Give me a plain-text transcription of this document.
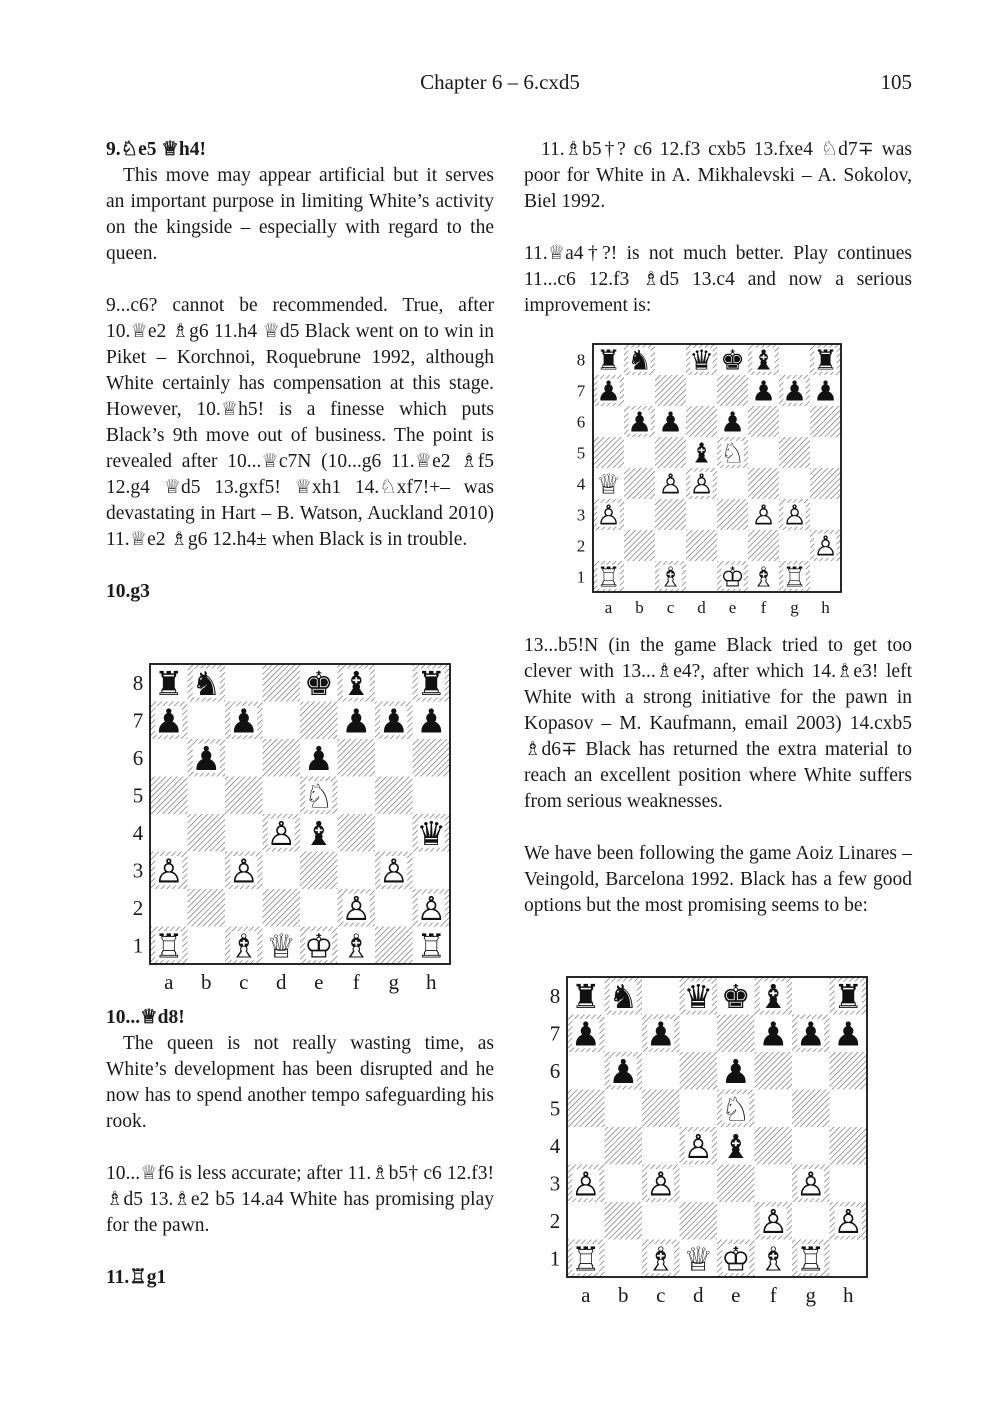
Chapter 6 – 6.cxd5	105

9.♘e5 ♕h4!

This move may appear artificial but it serves an important purpose in limiting White’s activity on the kingside – especially with regard to the queen.

9...c6? cannot be recommended. True, after 10.♕e2 ♗g6 11.h4 ♕d5 Black went on to win in Piket – Korchnoi, Roquebrune 1992, although White certainly has compensation at this stage. However, 10.♕h5! is a finesse which puts Black’s 9th move out of business. The point is revealed after 10...♕c7N (10...g6 11.♕e2 ♗f5 12.g4 ♕d5 13.gxf5! ♕xh1 14.♘xf7!+– was devastating in Hart – B. Watson, Auckland 2010) 11.♕e2 ♗g6 12.h4± when Black is in trouble.

10.g3

10...♕d8!

The queen is not really wasting time, as White’s development has been disrupted and he now has to spend another tempo safeguarding his rook.

10...♕f6 is less accurate; after 11.♗b5† c6 12.f3! ♗d5 13.♗e2 b5 14.a4 White has promising play for the pawn.

11.♖g1

11.♗b5†? c6 12.f3 cxb5 13.fxe4 ♘d7∓ was poor for White in A. Mikhalevski – A. Sokolov, Biel 1992.

11.♕a4†?! is not much better. Play continues 11...c6 12.f3 ♗d5 13.c4 and now a serious improvement is:

13...b5!N (in the game Black tried to get too clever with 13...♗e4?, after which 14.♗e3! left White with a strong initiative for the pawn in Kopasov – M. Kaufmann, email 2003) 14.cxb5 ♗d6∓ Black has returned the extra material to reach an excellent position where White suffers from serious weaknesses.

We have been following the game Aoiz Linares – Veingold, Barcelona 1992. Black has a few good options but the most promising seems to be:

8
7
6
5
4
3
2
1
a b c d e f g h
♜ ♞	♚ ♝ ♜
♟ ♟	♟ ♟ ♟
♟	♟
♘
♙ ♝	♛
♙ ♙	♙
♙ ♙
♖ ♗ ♕ ♔ ♗ ♖
8
7
6
5
4
3
2
1
a b c d e f g h
♜ ♞ ♛ ♚ ♝ ♜
♟	♟ ♟ ♟
♟ ♟ ♟
♝ ♘
♕ ♙ ♙
♙	♙ ♙
♙
♖ ♗ ♔ ♗ ♖
8
7
6
5
4
3
2
1
a b c d e f g h
♜ ♞ ♛ ♚ ♝ ♜
♟ ♟	♟ ♟ ♟
♟	♟
♘
♙ ♝
♙ ♙	♙
♙ ♙
♖ ♗ ♕ ♔ ♗ ♖
